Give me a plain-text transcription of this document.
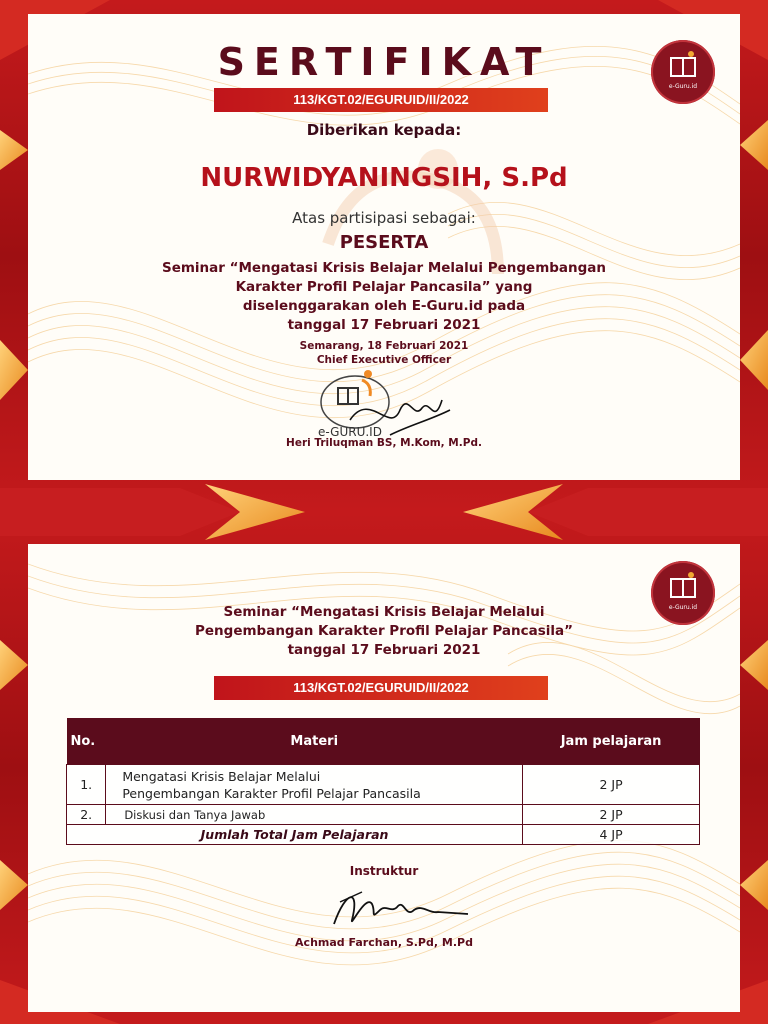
SERTIFIKAT
113/KGT.02/EGURUID/II/2022
e-Guru.id
Diberikan kepada:
NURWIDYANINGSIH, S.Pd
Atas partisipasi sebagai:
PESERTA
Seminar “Mengatasi Krisis Belajar Melalui Pengembangan
Karakter Profil Pelajar Pancasila” yang
diselenggarakan oleh E-Guru.id pada
tanggal 17 Februari 2021
Semarang, 18 Februari 2021
Chief Executive Officer
e-GURU.ID
Heri Triluqman BS, M.Kom, M.Pd.
e-Guru.id
Seminar “Mengatasi Krisis Belajar Melalui
Pengembangan Karakter Profil Pelajar Pancasila”
tanggal 17 Februari 2021
113/KGT.02/EGURUID/II/2022
No.	Materi	Jam pelajaran
1.	Mengatasi Krisis Belajar Melalui
Pengembangan Karakter Profil Pelajar Pancasila	2 JP
2.	Diskusi dan Tanya Jawab	2 JP
Jumlah Total Jam Pelajaran		4 JP
Instruktur
Achmad Farchan, S.Pd, M.Pd
